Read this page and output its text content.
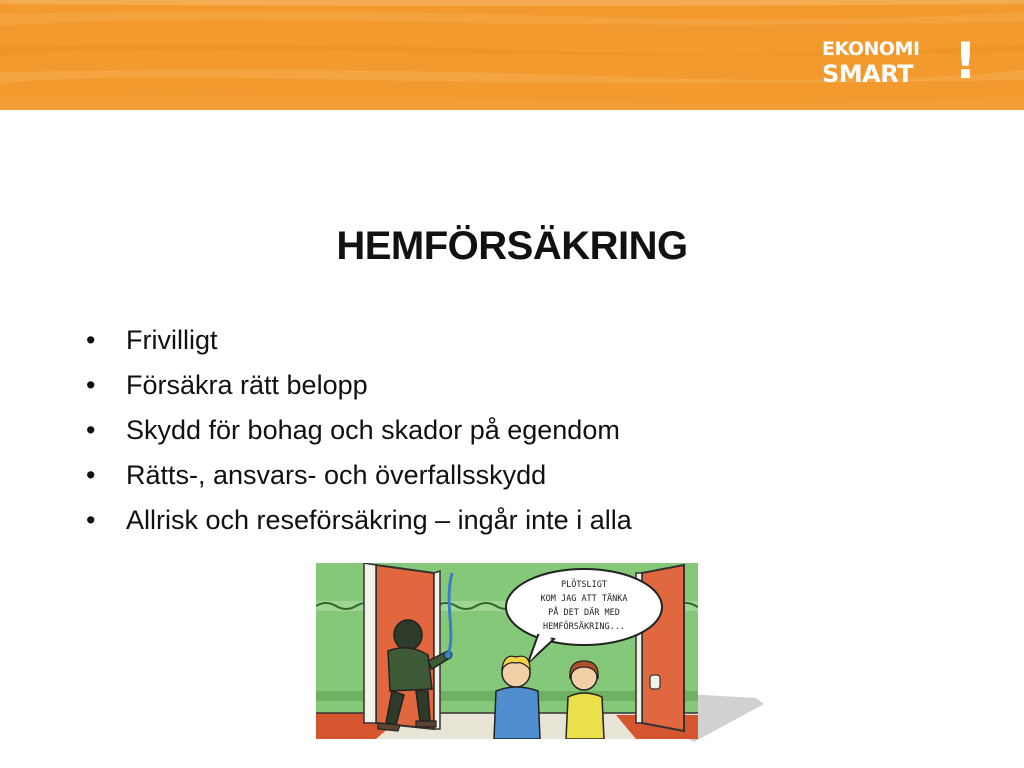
EKONOMI
SMART !
HEMFÖRSÄKRING
• Frivilligt
• Försäkra rätt belopp
• Skydd för bohag och skador på egendom
• Rätts-, ansvars- och överfallsskydd
• Allrisk och reseförsäkring – ingår inte i alla
PLÖTSLIGT
KOM JAG ATT TÄNKA
PÅ DET DÄR MED
HEMFÖRSÄKRING...
